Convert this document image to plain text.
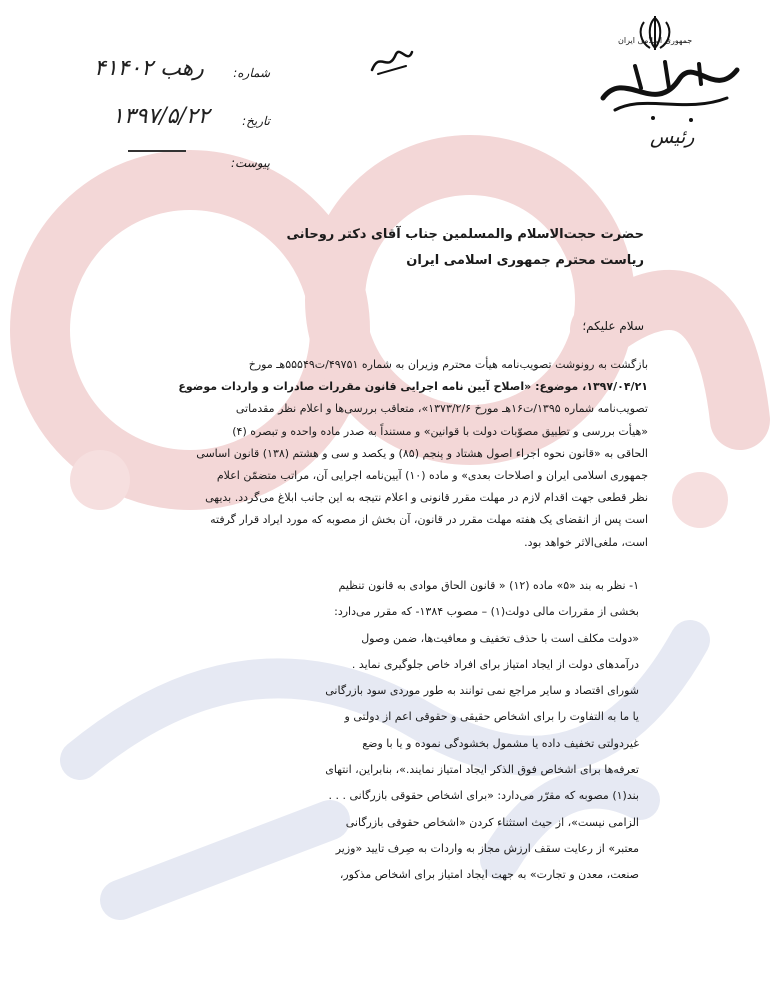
جمهوری اسلامی ایران
رئیس
شماره:
۴۱۴۰۲ رهب
تاریخ:
۱۳۹۷/۵/۲۲
پیوست:
حضرت حجت‌الاسلام والمسلمین جناب آقای دکتر روحانی
ریاست محترم جمهوری اسلامی ایران
سلام علیکم؛
بازگشت به رونوشت تصویب‌نامه هیأت محترم وزیران به شماره ۴۹۷۵۱/ت۵۵۵۴۹هـ مورخ
۱۳۹۷/۰۴/۲۱، موضوع: «اصلاح آیین نامه اجرایی قانون مقررات صادرات و واردات موضوع
تصویب‌نامه شماره ۱۳۹۵/ت۱۶هـ مورخ ۱۳۷۳/۲/۶»، متعاقب بررسی‌ها و اعلام نظر مقدماتی
«هیأت بررسی و تطبیق مصوّبات دولت با قوانین» و مستنداً به صدر ماده واحده و تبصره (۴)
الحاقی به «قانون نحوه اجراء اصول هشتاد و پنجم (۸۵) و یکصد و سی و هشتم (۱۳۸) قانون اساسی
جمهوری اسلامی ایران و اصلاحات بعدی» و ماده (۱۰) آیین‌نامه اجرایی آن، مراتب متضمّن اعلام
نظر قطعی جهت اقدام لازم در مهلت مقرر قانونی و اعلام نتیجه به این جانب ابلاغ می‌گردد. بدیهی
است پس از انقضای یک هفته مهلت مقرر در قانون، آن بخش از مصوبه که مورد ایراد قرار گرفته
است، ملغی‌الاثر خواهد بود.
۱- نظر به بند «۵» ماده (۱۲) « قانون الحاق موادی به قانون تنظیم
بخشی از مقررات مالی دولت(۱) – مصوب ۱۳۸۴- که مقرر می‌دارد:
«دولت مکلف است با حذف تخفیف و معافیت‌ها، ضمن وصول
درآمدهای دولت از ایجاد امتیاز برای افراد خاص جلوگیری نماید .
شورای اقتصاد و سایر مراجع نمی توانند به طور موردی سود بازرگانی
یا ما به التفاوت را برای اشخاص حقیقی و حقوقی اعم از دولتی و
غیردولتی تخفیف داده یا مشمول بخشودگی نموده و یا با وضع
تعرفه‌ها برای اشخاص فوق الذکر ایجاد امتیاز نمایند.»، بنابراین، انتهای
بند(۱) مصوبه که مقرّر می‌دارد: «برای اشخاص حقوقی بازرگانی . . .
الزامی نیست»، از حیث استثناء کردن «اشخاص حقوقی بازرگانی
معتبر» از رعایت سقف ارزش مجاز به واردات به صِرف تایید «وزیر
صنعت، معدن و تجارت» به جهت ایجاد امتیاز برای اشخاص مذکور،
